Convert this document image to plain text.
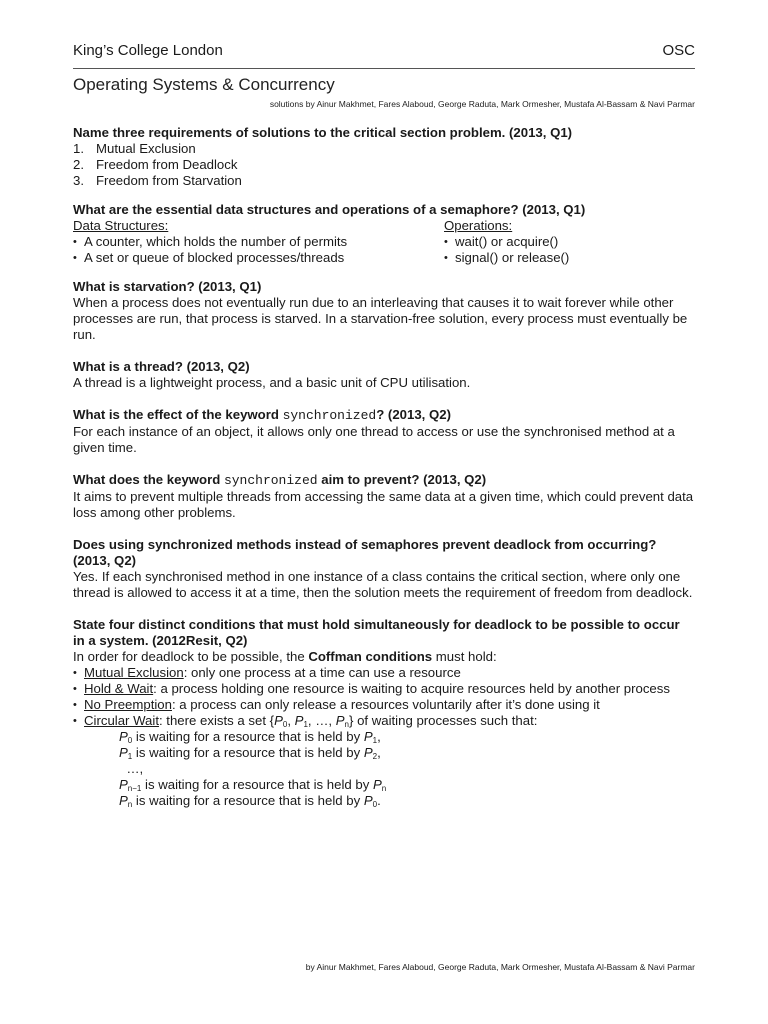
King’s College London	OSC
Operating Systems & Concurrency
solutions by Ainur Makhmet, Fares Alaboud, George Raduta, Mark Ormesher, Mustafa Al-Bassam & Navi Parmar

Name three requirements of solutions to the critical section problem. (2013, Q1)

1. Mutual Exclusion
2. Freedom from Deadlock
3. Freedom from Starvation

What are the essential data structures and operations of a semaphore? (2013, Q1)

Data Structures:
• A counter, which holds the number of permits
• A set or queue of blocked processes/threads
Operations:
• wait() or acquire()
• signal() or release()

What is starvation? (2013, Q1)

When a process does not eventually run due to an interleaving that causes it to wait forever while other processes are run, that process is starved. In a starvation-free solution, every process must eventually be run.

What is a thread? (2013, Q2)

A thread is a lightweight process, and a basic unit of CPU utilisation.

What is the effect of the keyword synchronized? (2013, Q2)

For each instance of an object, it allows only one thread to access or use the synchronised method at a given time.

What does the keyword synchronized aim to prevent? (2013, Q2)

It aims to prevent multiple threads from accessing the same data at a given time, which could prevent data loss among other problems.

Does using synchronized methods instead of semaphores prevent deadlock from occurring? (2013, Q2)

Yes. If each synchronised method in one instance of a class contains the critical section, where only one thread is allowed to access it at a time, then the solution meets the requirement of freedom from deadlock.

State four distinct conditions that must hold simultaneously for deadlock to be possible to occur in a system. (2012Resit, Q2)

In order for deadlock to be possible, the Coffman conditions must hold:

• Mutual Exclusion: only one process at a time can use a resource
• Hold & Wait: a process holding one resource is waiting to acquire resources held by another process
• No Preemption: a process can only release a resources voluntarily after it’s done using it
• Circular Wait: there exists a set {$P_0$, $P_1$, …, $P_n$} of waiting processes such that:
$P_0$ is waiting for a resource that is held by $P_1$,
$P_1$ is waiting for a resource that is held by $P_2$,
…,
$P_{n-1}$ is waiting for a resource that is held by $P_n$
$P_n$ is waiting for a resource that is held by $P_0$.
by Ainur Makhmet, Fares Alaboud, George Raduta, Mark Ormesher, Mustafa Al-Bassam & Navi Parmar
